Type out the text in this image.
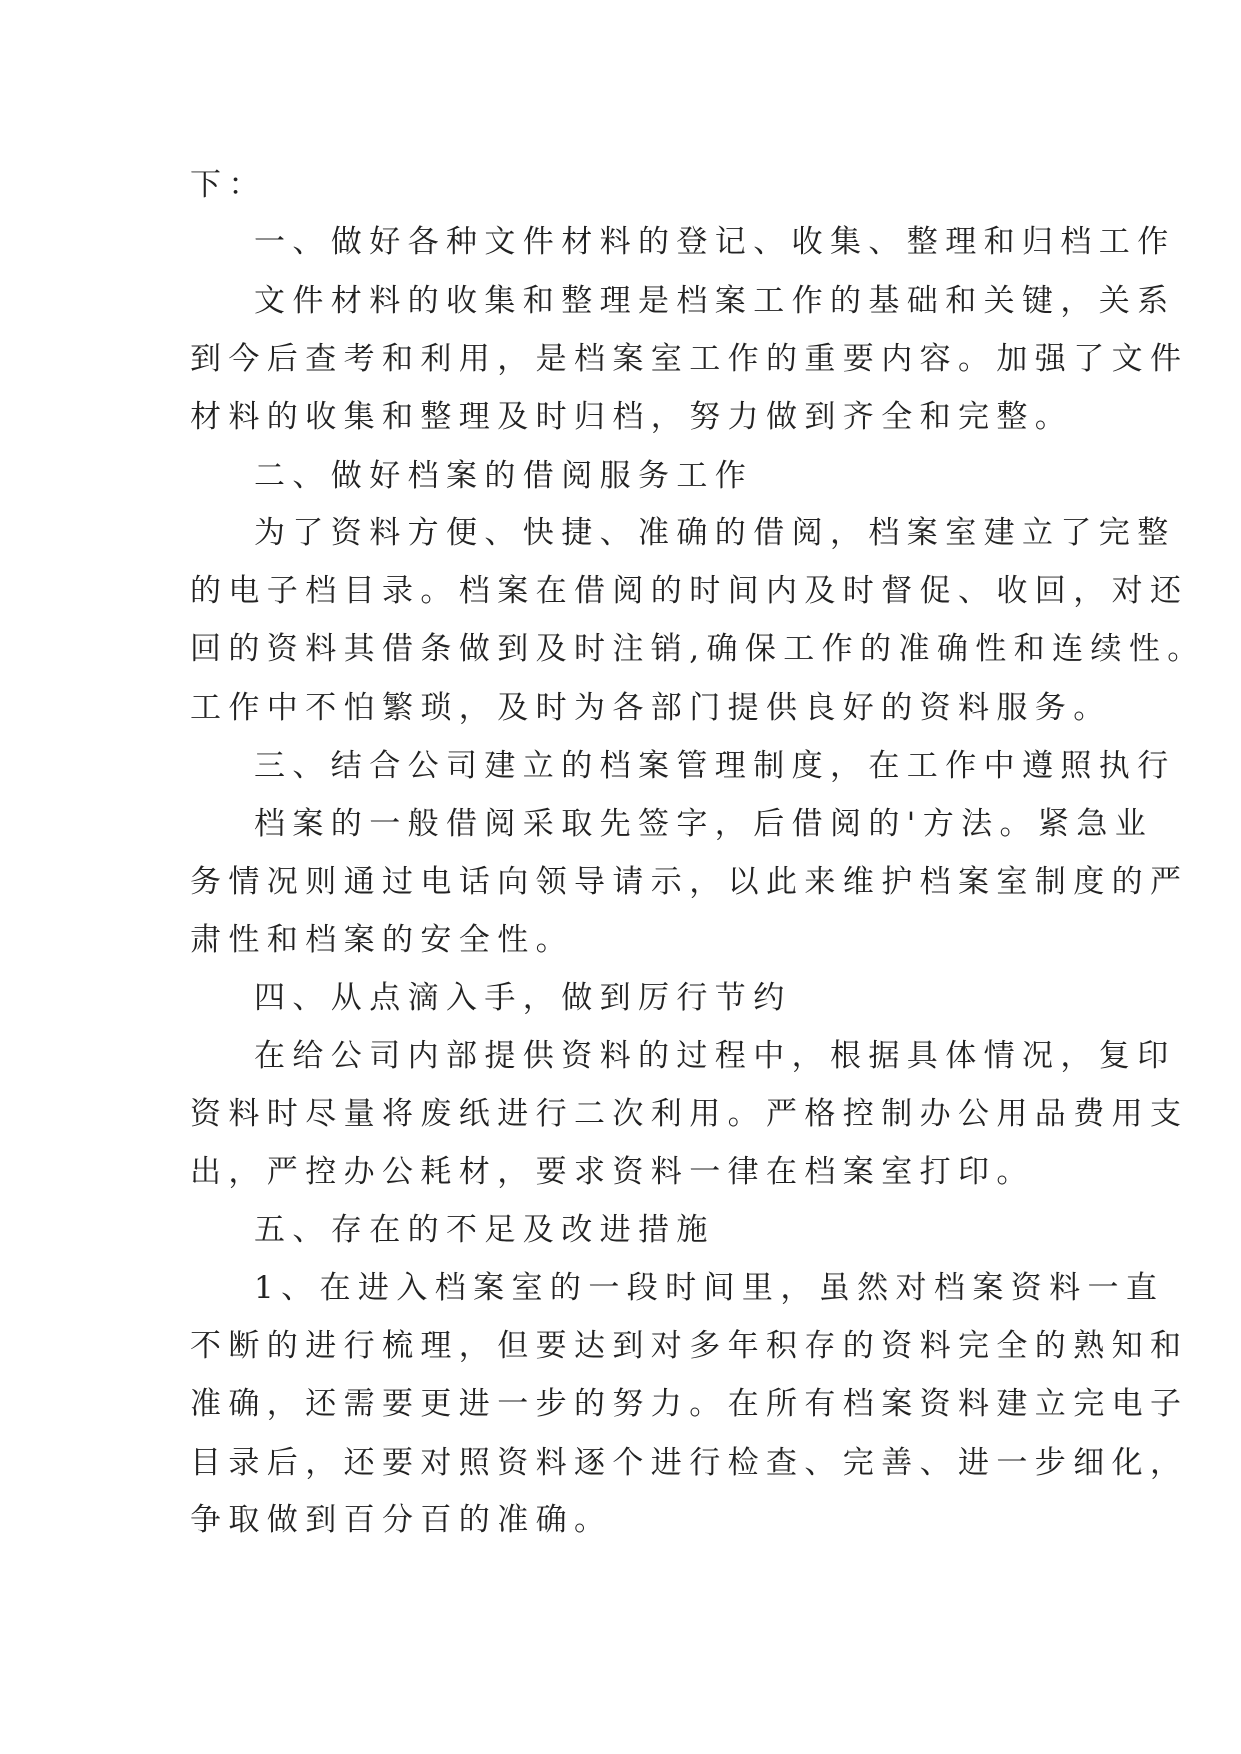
下：
一、做好各种文件材料的登记、收集、整理和归档工作
文件材料的收集和整理是档案工作的基础和关键，关系
到今后查考和利用，是档案室工作的重要内容。加强了文件
材料的收集和整理及时归档，努力做到齐全和完整。
二、做好档案的借阅服务工作
为了资料方便、快捷、准确的借阅，档案室建立了完整
的电子档目录。档案在借阅的时间内及时督促、收回，对还
回的资料其借条做到及时注销,确保工作的准确性和连续性。
工作中不怕繁琐，及时为各部门提供良好的资料服务。
三、结合公司建立的档案管理制度，在工作中遵照执行
档案的一般借阅采取先签字，后借阅的'方法。紧急业
务情况则通过电话向领导请示，以此来维护档案室制度的严
肃性和档案的安全性。
四、从点滴入手，做到厉行节约
在给公司内部提供资料的过程中，根据具体情况，复印
资料时尽量将废纸进行二次利用。严格控制办公用品费用支
出，严控办公耗材，要求资料一律在档案室打印。
五、存在的不足及改进措施
1、在进入档案室的一段时间里，虽然对档案资料一直
不断的进行梳理，但要达到对多年积存的资料完全的熟知和
准确，还需要更进一步的努力。在所有档案资料建立完电子
目录后，还要对照资料逐个进行检查、完善、进一步细化，
争取做到百分百的准确。
